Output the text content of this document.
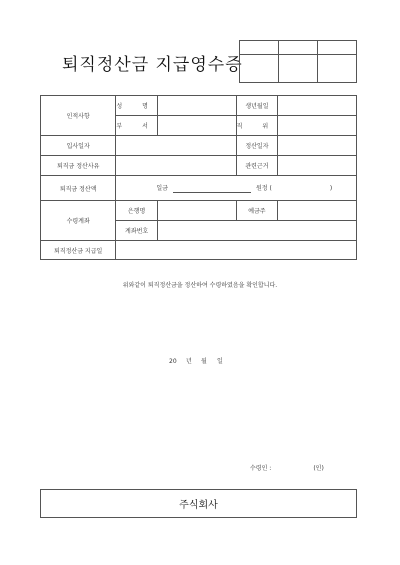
퇴직정산금 지급영수증

인적사항	성 명		생년월일	
	부 서		직 위	
입사일자			정산일자	
퇴직금 정산사유			관련근거	
퇴직금 정산액	일금 원정 ( )			
수령계좌	은행명		예금주	
	계좌번호			
퇴직정산금 지급일				
위와같이 퇴직정산금을 정산하여 수령하였음을 확인합니다.
20 년 월 일
수령인 :	(인)
주식회사
